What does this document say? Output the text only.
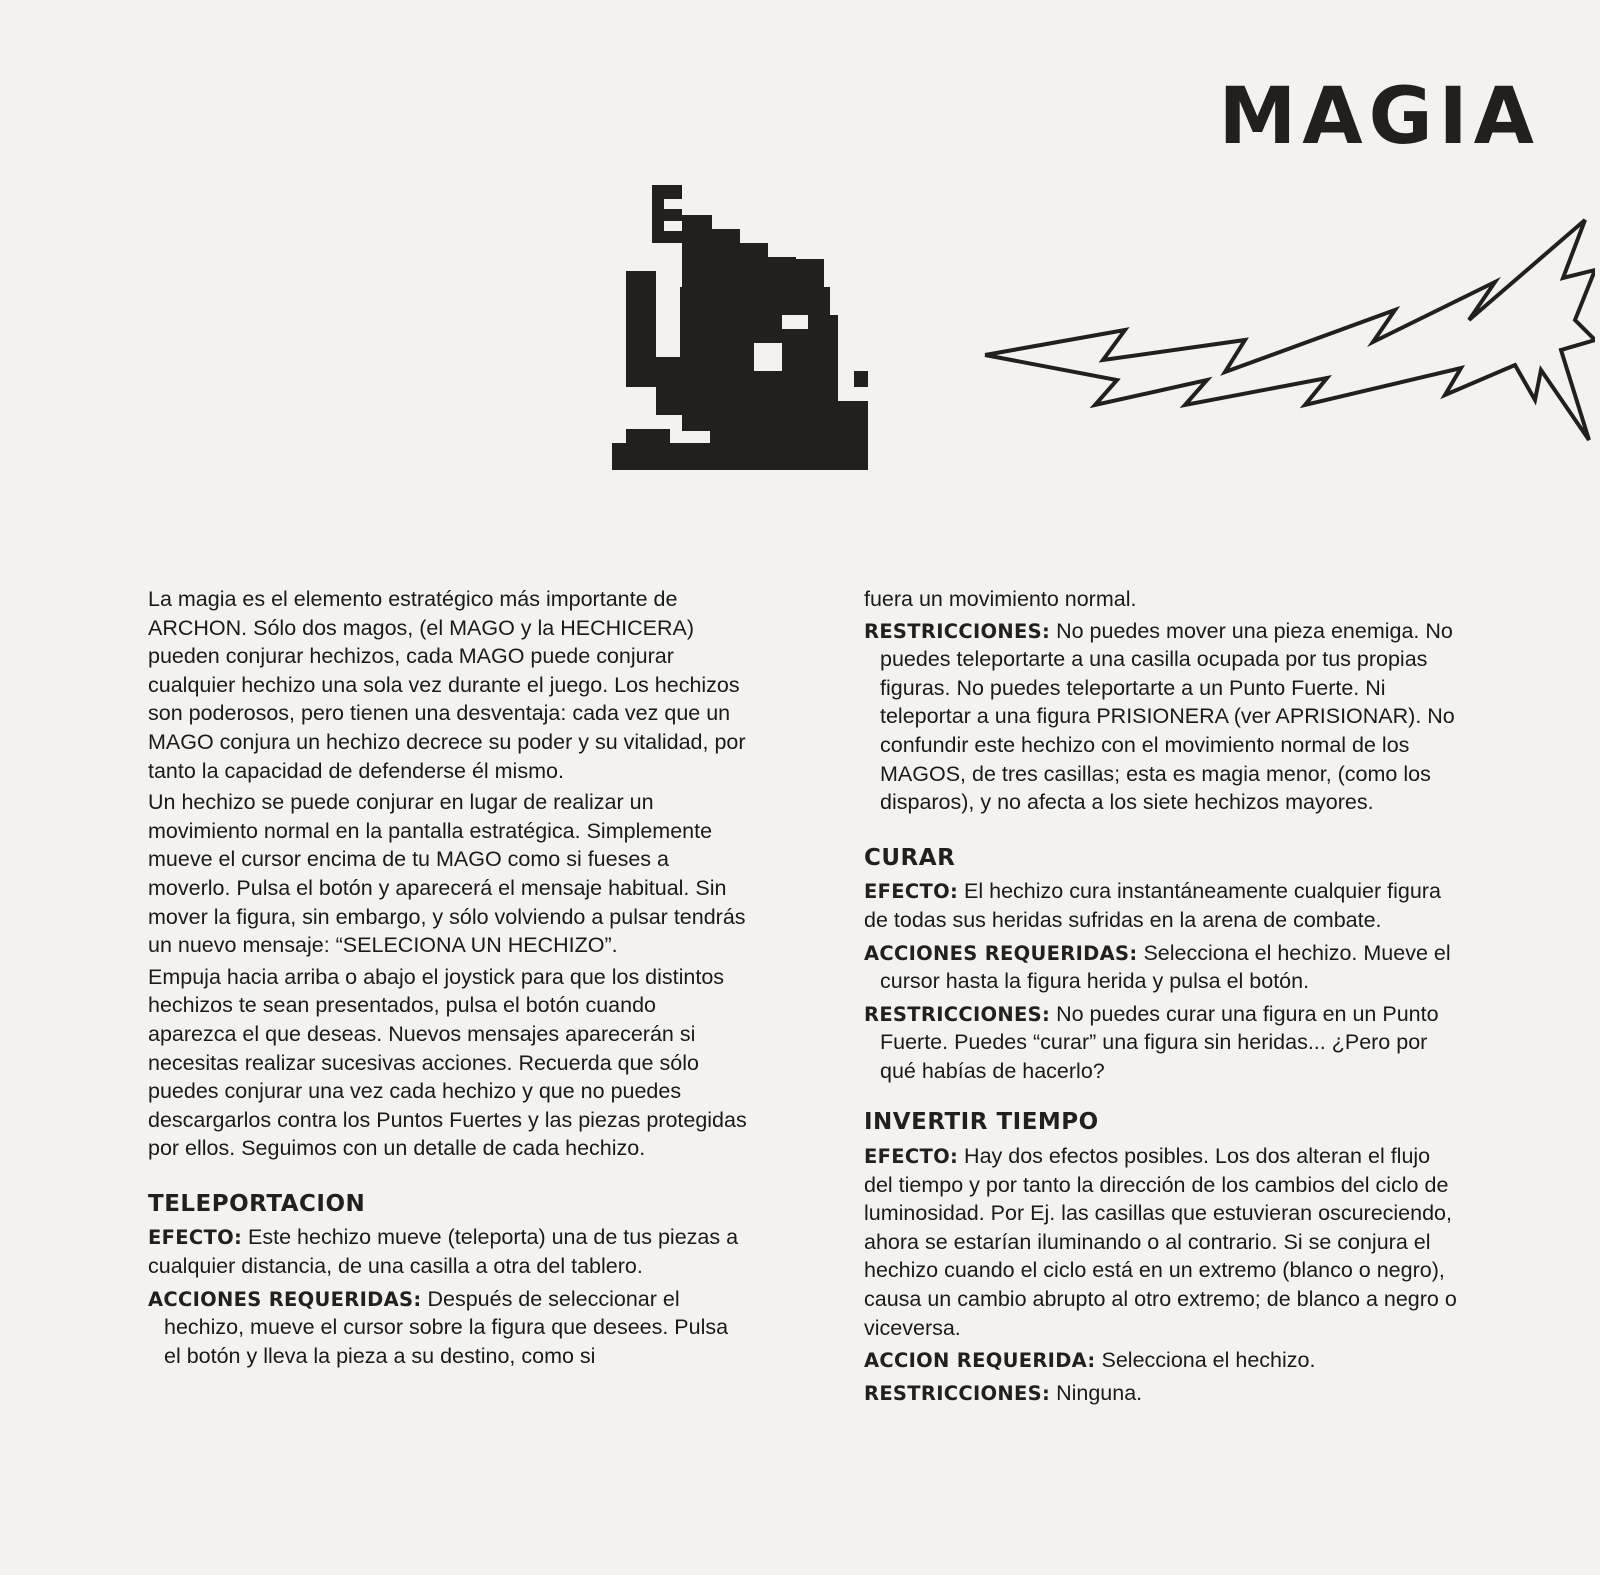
MAGIA

La magia es el elemento estratégico más importante de ARCHON. Sólo dos magos, (el MAGO y la HECHICERA) pueden conjurar hechizos, cada MAGO puede conjurar cualquier hechizo una sola vez durante el juego. Los hechizos son poderosos, pero tienen una desventaja: cada vez que un MAGO conjura un hechizo decrece su poder y su vitalidad, por tanto la capacidad de defenderse él mismo.

Un hechizo se puede conjurar en lugar de realizar un movimiento normal en la pantalla estratégica. Simplemente mueve el cursor encima de tu MAGO como si fueses a moverlo. Pulsa el botón y aparecerá el mensaje habitual. Sin mover la figura, sin embargo, y sólo volviendo a pulsar tendrás un nuevo mensaje: “SELECIONA UN HECHIZO”.

Empuja hacia arriba o abajo el joystick para que los distintos hechizos te sean presentados, pulsa el botón cuando aparezca el que deseas. Nuevos mensajes aparecerán si necesitas realizar sucesivas acciones. Recuerda que sólo puedes conjurar una vez cada hechizo y que no puedes descargarlos contra los Puntos Fuertes y las piezas protegidas por ellos. Seguimos con un detalle de cada hechizo.

TELEPORTACION

EFECTO: Este hechizo mueve (teleporta) una de tus piezas a cualquier distancia, de una casilla a otra del tablero.

ACCIONES REQUERIDAS: Después de seleccionar el hechizo, mueve el cursor sobre la figura que desees. Pulsa el botón y lleva la pieza a su destino, como si

fuera un movimiento normal.

RESTRICCIONES: No puedes mover una pieza enemiga. No puedes teleportarte a una casilla ocupada por tus propias figuras. No puedes teleportarte a un Punto Fuerte. Ni teleportar a una figura PRISIONERA (ver APRISIONAR). No confundir este hechizo con el movimiento normal de los MAGOS, de tres casillas; esta es magia menor, (como los disparos), y no afecta a los siete hechizos mayores.

CURAR

EFECTO: El hechizo cura instantáneamente cualquier figura de todas sus heridas sufridas en la arena de combate.

ACCIONES REQUERIDAS: Selecciona el hechizo. Mueve el cursor hasta la figura herida y pulsa el botón.

RESTRICCIONES: No puedes curar una figura en un Punto Fuerte. Puedes “curar” una figura sin heridas... ¿Pero por qué habías de hacerlo?

INVERTIR TIEMPO

EFECTO: Hay dos efectos posibles. Los dos alteran el flujo del tiempo y por tanto la dirección de los cambios del ciclo de luminosidad. Por Ej. las casillas que estuvieran oscureciendo, ahora se estarían iluminando o al contrario. Si se conjura el hechizo cuando el ciclo está en un extremo (blanco o negro), causa un cambio abrupto al otro extremo; de blanco a negro o viceversa.

ACCION REQUERIDA: Selecciona el hechizo.

RESTRICCIONES: Ninguna.
